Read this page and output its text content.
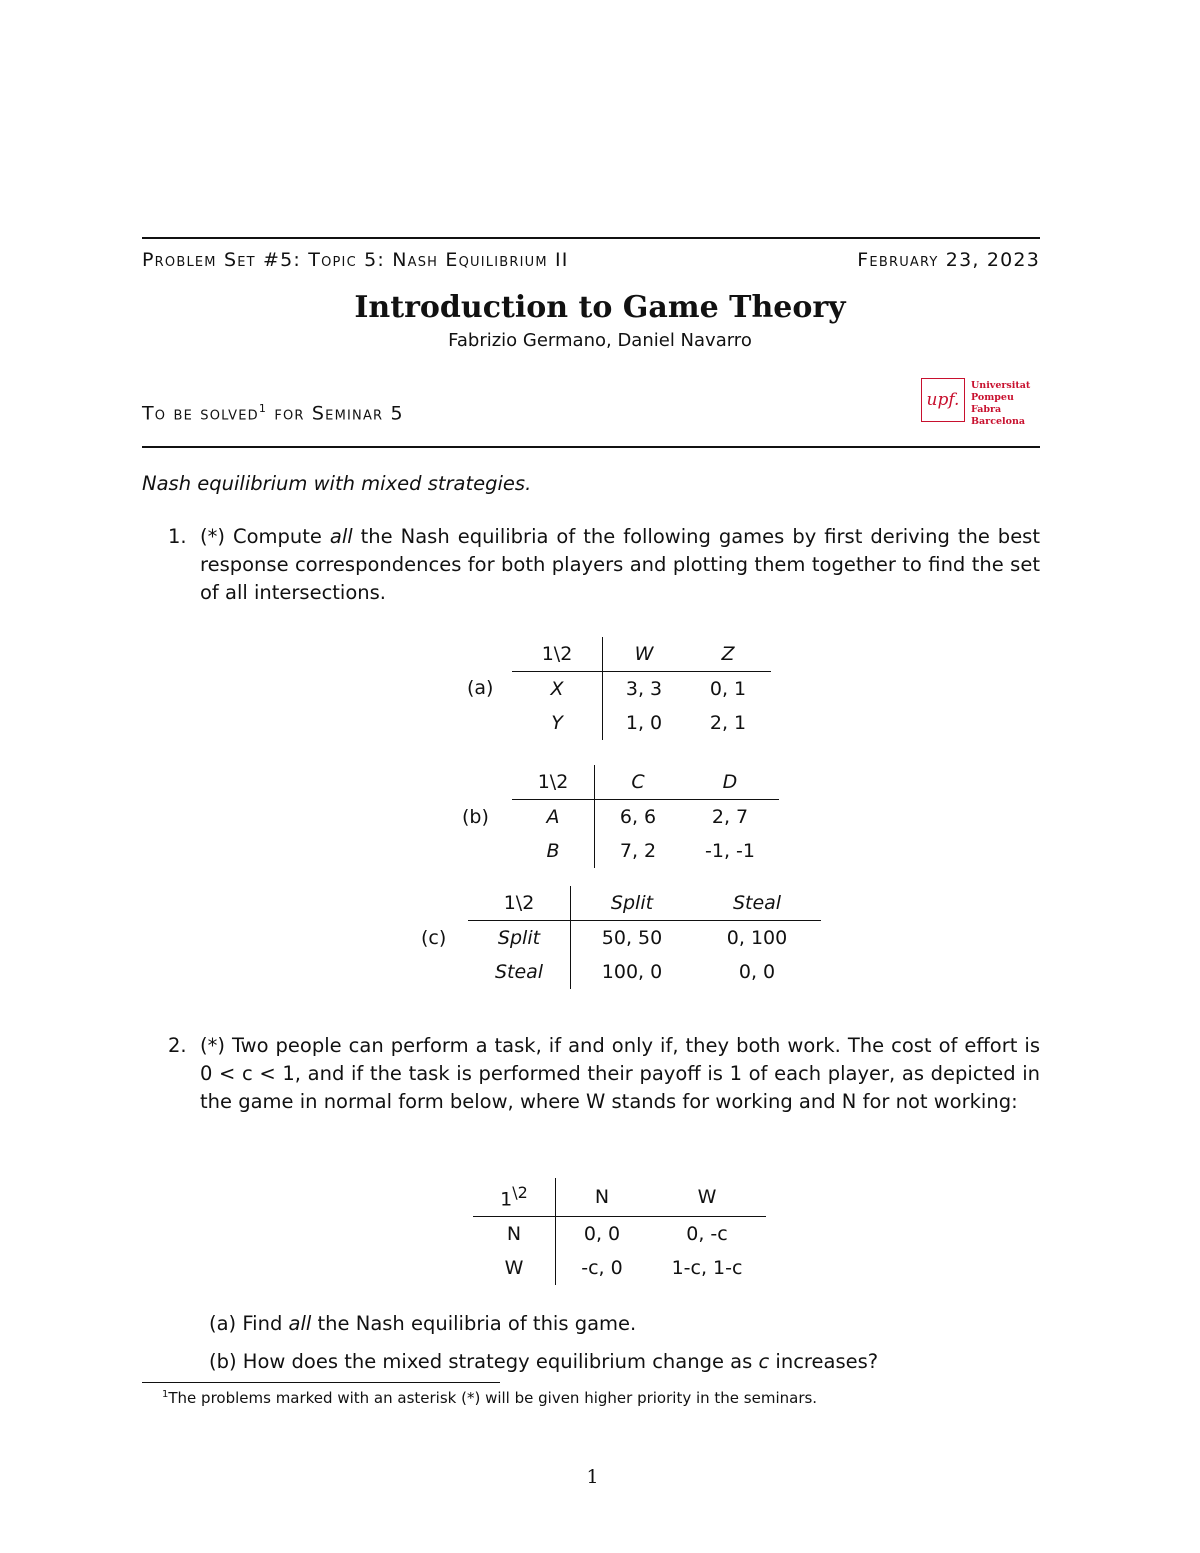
Problem Set #5: Topic 5: Nash Equilibrium II	February 23, 2023
Introduction to Game Theory
Fabrizio Germano, Daniel Navarro
To be solved$^1$ for Seminar 5
upf.
Universitat
Pompeu Fabra
Barcelona
Nash equilibrium with mixed strategies.
1. (*) Compute all the Nash equilibria of the following games by first deriving the best response correspondences for both players and plotting them together to find the set of all intersections.
(a)
1\2	W	Z
X	3, 3	0, 1
Y	1, 0	2, 1
(b)
1\2	C	D
A	6, 6	2, 7
B	7, 2	-1, -1
(c)
1\2	Split	Steal
Split	50, 50	0, 100
Steal	100, 0	0, 0
2. (*) Two people can perform a task, if and only if, they both work. The cost of effort is 0 < c < 1, and if the task is performed their payoff is 1 of each player, as depicted in the game in normal form below, where W stands for working and N for not working:
$1^{\backslash 2}$	N	W
N	0, 0	0, -c
W	-c, 0	1-c, 1-c
(a) Find all the Nash equilibria of this game.
(b) How does the mixed strategy equilibrium change as c increases?
$^1$The problems marked with an asterisk (*) will be given higher priority in the seminars.
1
